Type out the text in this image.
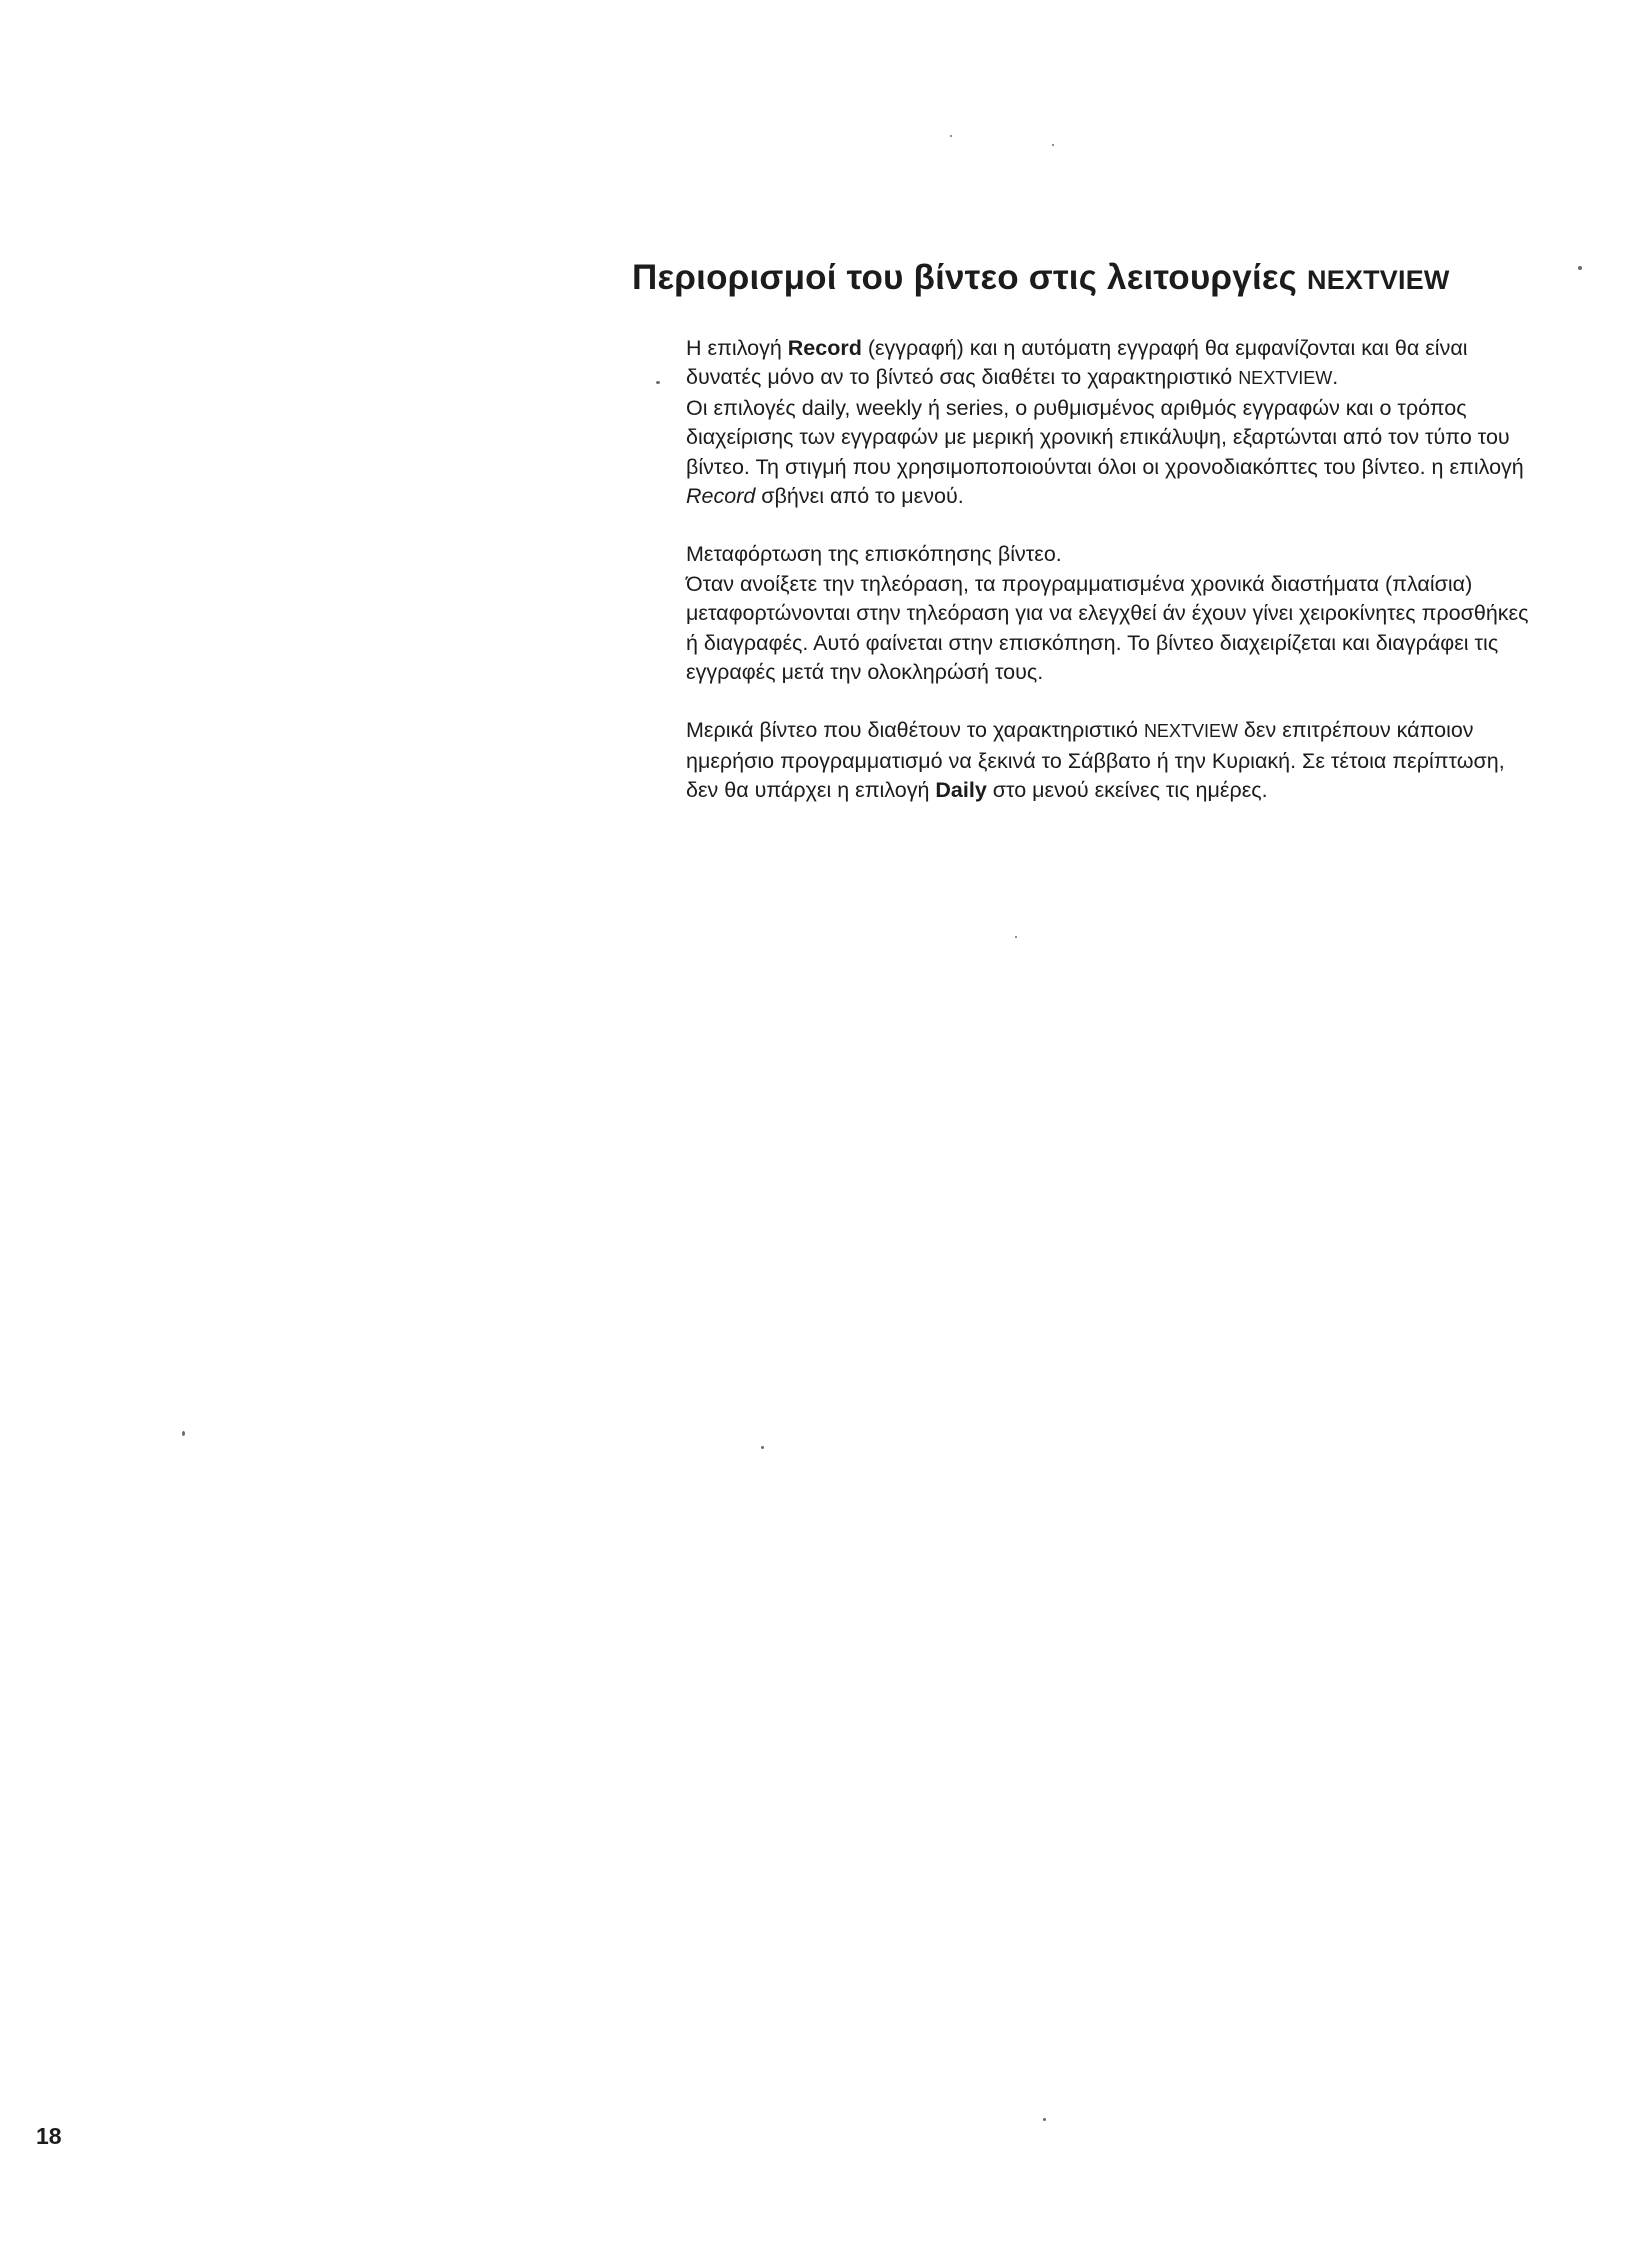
Περιορισμοί του βίντεο στις λειτουργίες NEXTVIEW

Η επιλογή Record (εγγραφή) και η αυτόματη εγγραφή θα εμφανίζονται και θα είναι δυνατές μόνο αν το βίντεό σας διαθέτει το χαρακτηριστικό NEXTVIEW.

Οι επιλογές daily, weekly ή series, ο ρυθμισμένος αριθμός εγγραφών και ο τρόπος διαχείρισης των εγγραφών με μερική χρονική επικάλυψη, εξαρτώνται από τον τύπο του βίντεο. Τη στιγμή που χρησιμοποποιούνται όλοι οι χρονοδιακόπτες του βίντεο. η επιλογή Record σβήνει από το μενού.

Μεταφόρτωση της επισκόπησης βίντεο.

Όταν ανοίξετε την τηλεόραση, τα προγραμματισμένα χρονικά διαστήματα (πλαίσια) μεταφορτώνονται στην τηλεόραση για να ελεγχθεί άν έχουν γίνει χειροκίνητες προσθήκες ή διαγραφές. Αυτό φαίνεται στην επισκόπηση. Το βίντεο διαχειρίζεται και διαγράφει τις εγγραφές μετά την ολοκληρώσή τους.

Μερικά βίντεο που διαθέτουν το χαρακτηριστικό NEXTVIEW δεν επιτρέπουν κάποιον ημερήσιο προγραμματισμό να ξεκινά το Σάββατο ή την Κυριακή. Σε τέτοια περίπτωση, δεν θα υπάρχει η επιλογή Daily στο μενού εκείνες τις ημέρες.

18
